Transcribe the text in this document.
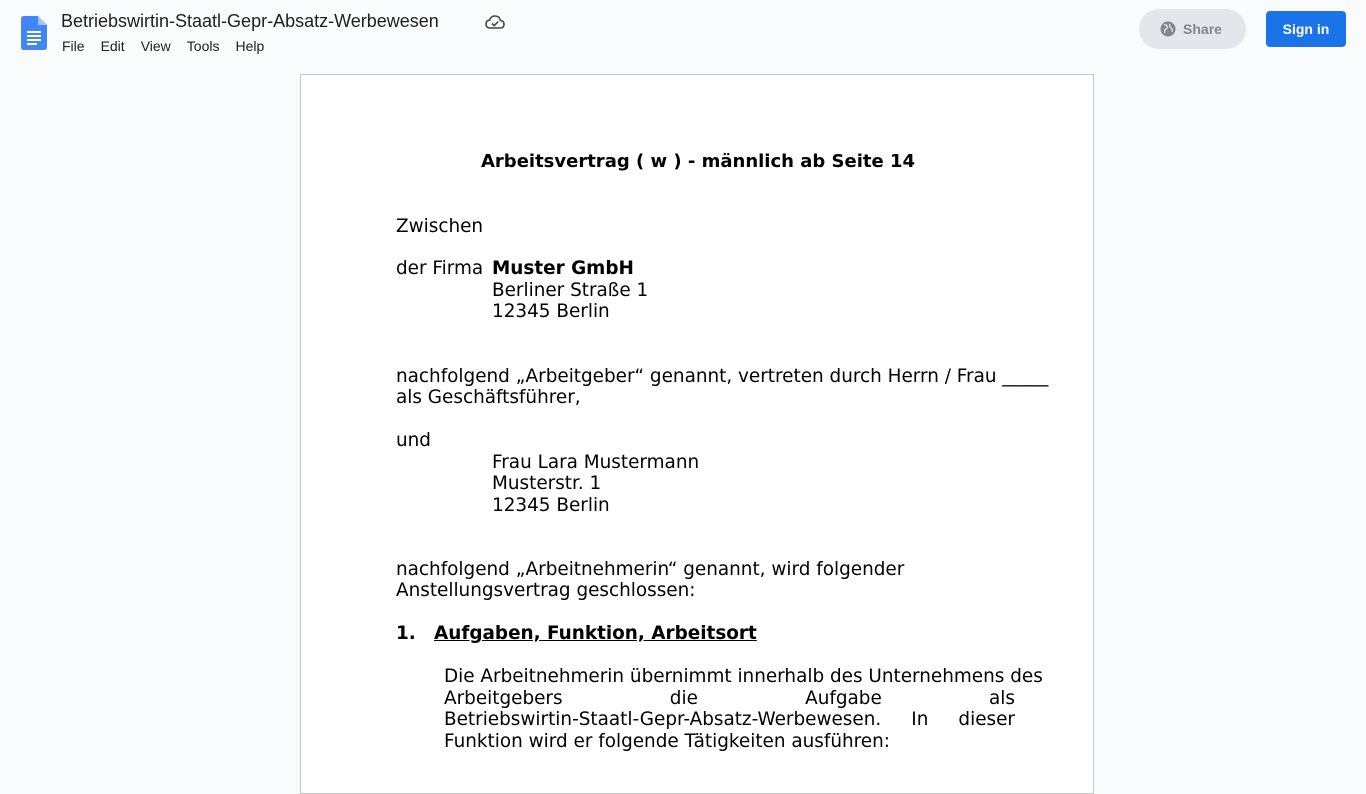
Betriebswirtin-Staatl-Gepr-Absatz-Werbewesen
File	Edit	View	Tools	Help
Share	Sign in
Arbeitsvertrag ( w ) - männlich ab Seite 14
Zwischen
der Firma Muster GmbH
Berliner Straße 1
12345 Berlin
nachfolgend „Arbeitgeber“ genannt, vertreten durch Herrn / Frau _____
als Geschäftsführer,
und
Frau Lara Mustermann
Musterstr. 1
12345 Berlin
nachfolgend „Arbeitnehmerin“ genannt, wird folgender
Anstellungsvertrag geschlossen:
1. Aufgaben, Funktion, Arbeitsort
Die Arbeitnehmerin übernimmt innerhalb des Unternehmens des
Arbeitgebers	die	Aufgabe	als
Betriebswirtin-Staatl-Gepr-Absatz-Werbewesen. In dieser
Funktion wird er folgende Tätigkeiten ausführen:
